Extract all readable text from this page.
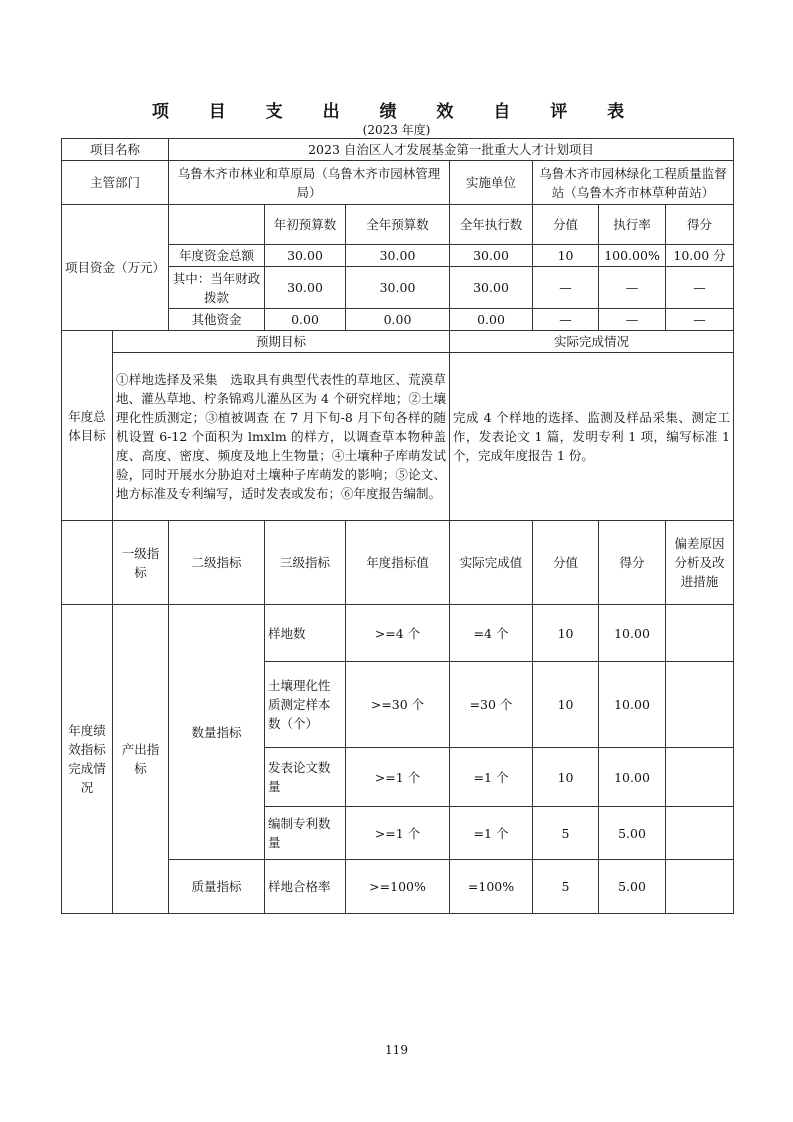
项 目 支 出 绩 效 自 评 表
(2023 年度)
项目名称		2023 自治区人才发展基金第一批重大人才计划项目						
主管部门		乌鲁木齐市林业和草原局（乌鲁木齐市园林管理局）			实施单位	乌鲁木齐市园林绿化工程质量监督站（乌鲁木齐市林草种苗站）		
项目资金（万元）			年初预算数	全年预算数	全年执行数	分值	执行率	得分
		年度资金总额	30.00	30.00	30.00	10	100.00%	10.00 分
		其中：当年财政拨款	30.00	30.00	30.00	—	—	—
		其他资金	0.00	0.00	0.00	—	—	—
年度总体目标	预期目标				实际完成情况			
	①样地选择及采集　选取具有典型代表性的草地区、荒漠草地、灌丛草地、柠条锦鸡儿灌丛区为 4 个研究样地；②土壤理化性质测定；③植被调查 在 7 月下旬-8 月下旬各样的随机设置 6-12 个面积为 lmxlm 的样方，以调查草本物种盖度、高度、密度、频度及地上生物量；④土壤种子库萌发试验，同时开展水分胁迫对土壤种子库萌发的影响；⑤论文、地方标准及专利编写，适时发表或发布；⑥年度报告编制。				完成 4 个样地的选择、监测及样品采集、测定工作，发表论文 1 篇，发明专利 1 项，编写标准 1 个，完成年度报告 1 份。			
	一级指标	二级指标	三级指标	年度指标值	实际完成值	分值	得分	偏差原因分析及改进措施
年度绩效指标完成情况	产出指标	数量指标	样地数	>=4 个	=4 个	10	10.00	
			土壤理化性质测定样本数（个）	>=30 个	=30 个	10	10.00	
			发表论文数量	>=1 个	=1 个	10	10.00	
			编制专利数量	>=1 个	=1 个	5	5.00	
		质量指标	样地合格率	>=100%	=100%	5	5.00	
119
